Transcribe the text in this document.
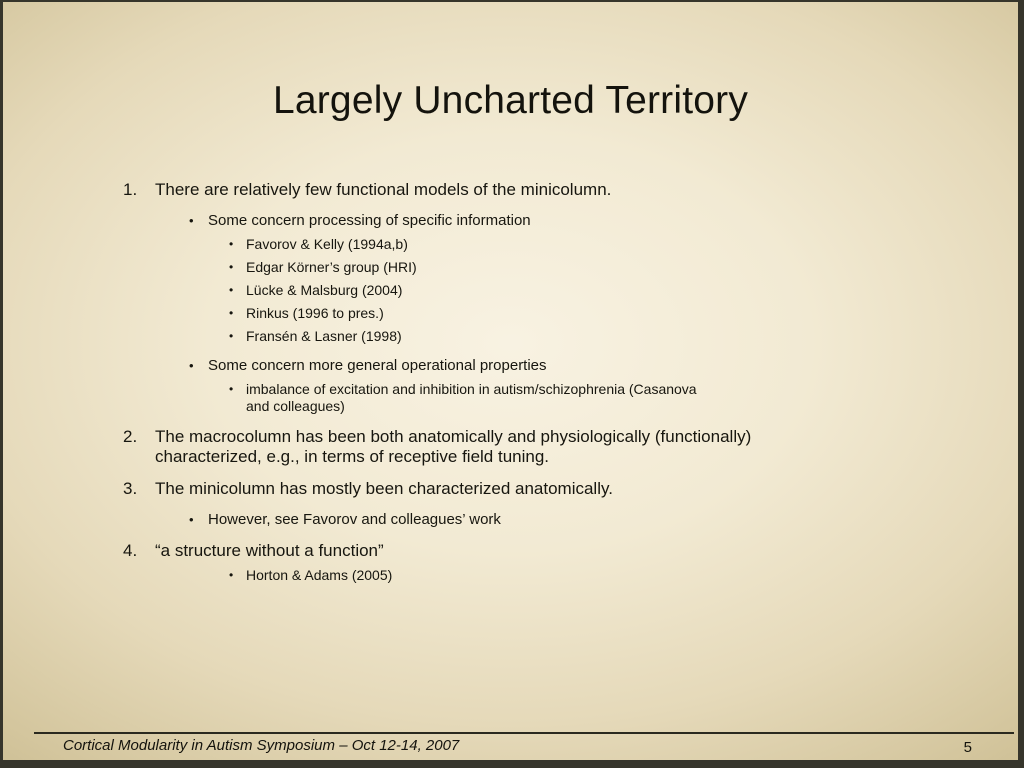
Largely Uncharted Territory
1.	There are relatively few functional models of the minicolumn.
• Some concern processing of specific information
• Favorov & Kelly (1994a,b)
• Edgar Körner’s group (HRI)
• Lücke & Malsburg (2004)
• Rinkus (1996 to pres.)
• Fransén & Lasner (1998)
• Some concern more general operational properties
• imbalance of excitation and inhibition in autism/schizophrenia (Casanova and colleagues)
2.	The macrocolumn has been both anatomically and physiologically (functionally) characterized, e.g., in terms of receptive field tuning.
3.	The minicolumn has mostly been characterized anatomically.
• However, see Favorov and colleagues’ work
4.	“a structure without a function”
• Horton & Adams (2005)
Cortical Modularity in Autism Symposium – Oct 12-14, 2007	5
